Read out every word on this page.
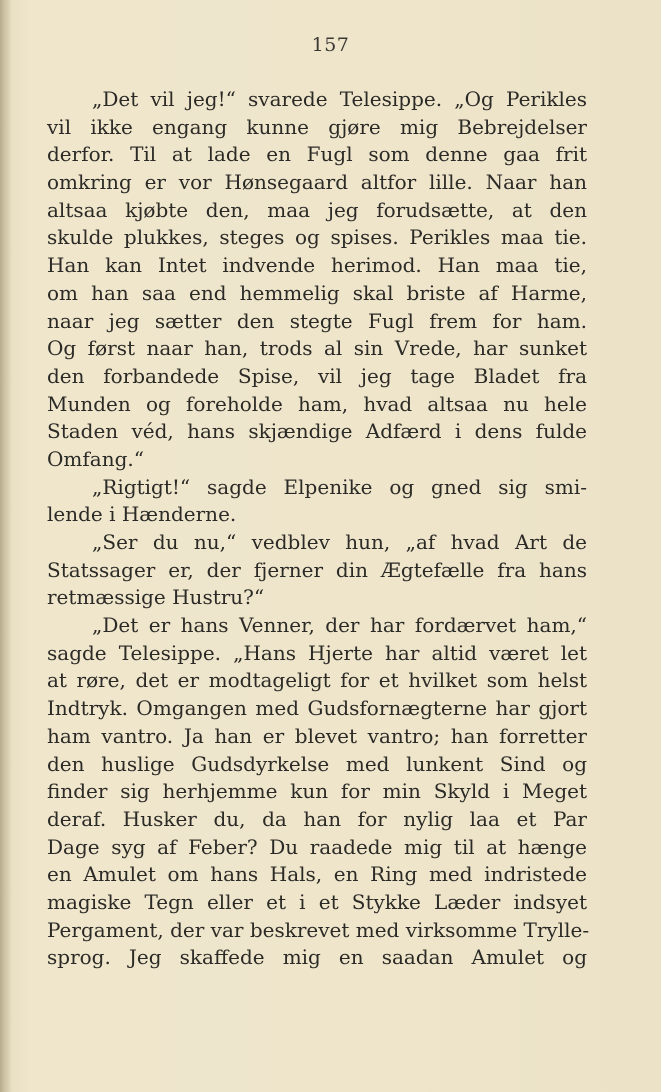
157
„Det vil jeg!“ svarede Telesippe. „Og Perikles
vil ikke engang kunne gjøre mig Bebrejdelser
derfor. Til at lade en Fugl som denne gaa frit
omkring er vor Hønsegaard altfor lille. Naar han
altsaa kjøbte den, maa jeg forudsætte, at den
skulde plukkes, steges og spises. Perikles maa tie.
Han kan Intet indvende herimod. Han maa tie,
om han saa end hemmelig skal briste af Harme,
naar jeg sætter den stegte Fugl frem for ham.
Og først naar han, trods al sin Vrede, har sunket
den forbandede Spise, vil jeg tage Bladet fra
Munden og foreholde ham, hvad altsaa nu hele
Staden véd, hans skjændige Adfærd i dens fulde
Omfang.“
„Rigtigt!“ sagde Elpenike og gned sig smi-
lende i Hænderne.
„Ser du nu,“ vedblev hun, „af hvad Art de
Statssager er, der fjerner din Ægtefælle fra hans
retmæssige Hustru?“
„Det er hans Venner, der har fordærvet ham,“
sagde Telesippe. „Hans Hjerte har altid været let
at røre, det er modtageligt for et hvilket som helst
Indtryk. Omgangen med Gudsfornægterne har gjort
ham vantro. Ja han er blevet vantro; han forretter
den huslige Gudsdyrkelse med lunkent Sind og
finder sig herhjemme kun for min Skyld i Meget
deraf. Husker du, da han for nylig laa et Par
Dage syg af Feber? Du raadede mig til at hænge
en Amulet om hans Hals, en Ring med indristede
magiske Tegn eller et i et Stykke Læder indsyet
Pergament, der var beskrevet med virksomme Trylle-
sprog. Jeg skaffede mig en saadan Amulet og
